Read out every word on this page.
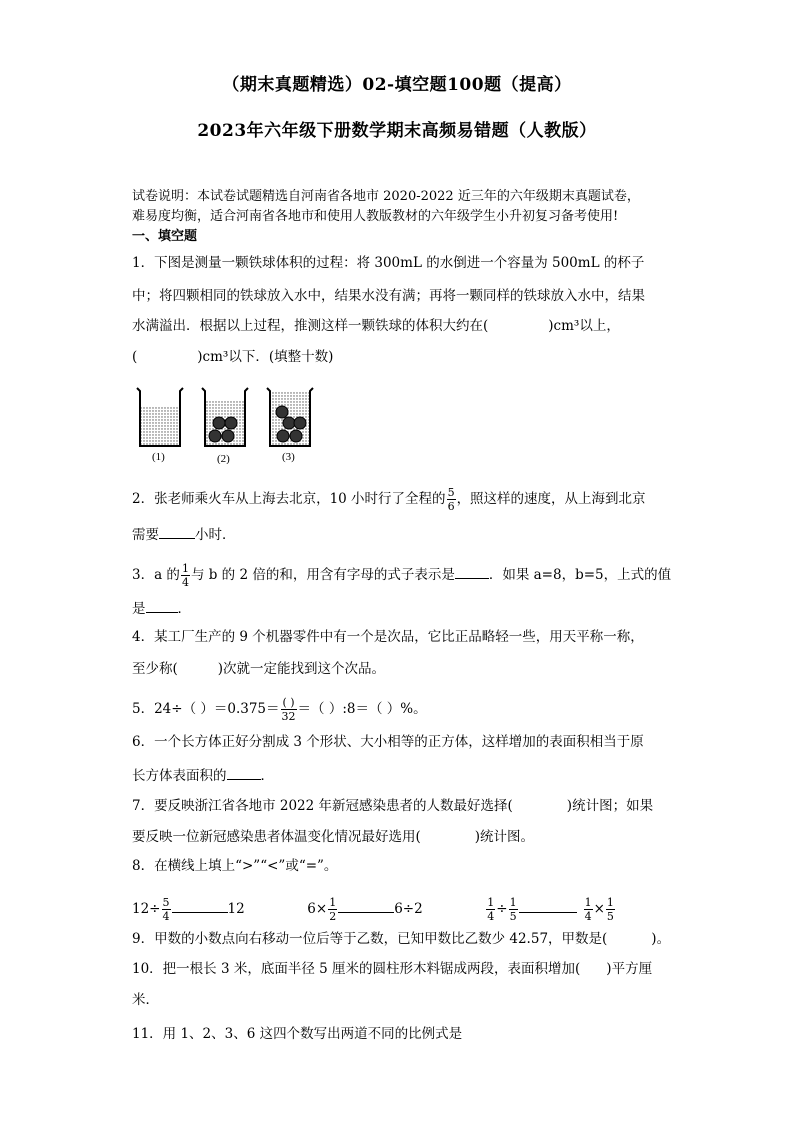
（期末真题精选）02-填空题100题（提高）
2023年六年级下册数学期末高频易错题（人教版）
试卷说明：本试卷试题精选自河南省各地市 2020-2022 近三年的六年级期末真题试卷，
难易度均衡，适合河南省各地市和使用人教版教材的六年级学生小升初复习备考使用!
一、填空题
1．下图是测量一颗铁球体积的过程：将 300mL 的水倒进一个容量为 500mL 的杯子
中；将四颗相同的铁球放入水中，结果水没有满；再将一颗同样的铁球放入水中，结果
水满溢出．根据以上过程，推测这样一颗铁球的体积大约在(	)cm³以上，
(	)cm³以下．(填整十数)
(1)	(2)	(3)
2．张老师乘火车从上海去北京，10 小时行了全程的 $\frac{5}{6}$ ，照这样的速度，从上海到北京
需要	小时．
3．a 的 $\frac{1}{4}$ 与 b 的 2 倍的和，用含有字母的式子表示是	．如果 a=8，b=5，上式的值
是 ．
4．某工厂生产的 9 个机器零件中有一个是次品，它比正品略轻一些，用天平称一称，
至少称(	)次就一定能找到这个次品。
5．24÷（ ）$=0.375= \frac{( )}{32}$ ＝（ ）:8＝（ ）%。
6．一个长方体正好分割成 3 个形状、大小相等的正方体，这样增加的表面积相当于原
长方体表面积的	．
7．要反映浙江省各地市 2022 年新冠感染患者的人数最好选择(	)统计图；如果
要反映一位新冠感染患者体温变化情况最好选用(	)统计图。
8．在横线上填上“>”“<”或“=”。
$12\div \frac{5}{4}$	12	$6\times \frac{1}{2}$	6÷2	$\frac{1}{4} \div \frac{1}{5}$	$\frac{1}{4} \times \frac{1}{5}$
9．甲数的小数点向右移动一位后等于乙数，已知甲数比乙数少 42.57，甲数是(	)。
10．把一根长 3 米，底面半径 5 厘米的圆柱形木料锯成两段，表面积增加( )平方厘
米．
11．用 1、2、3、6 这四个数写出两道不同的比例式是
